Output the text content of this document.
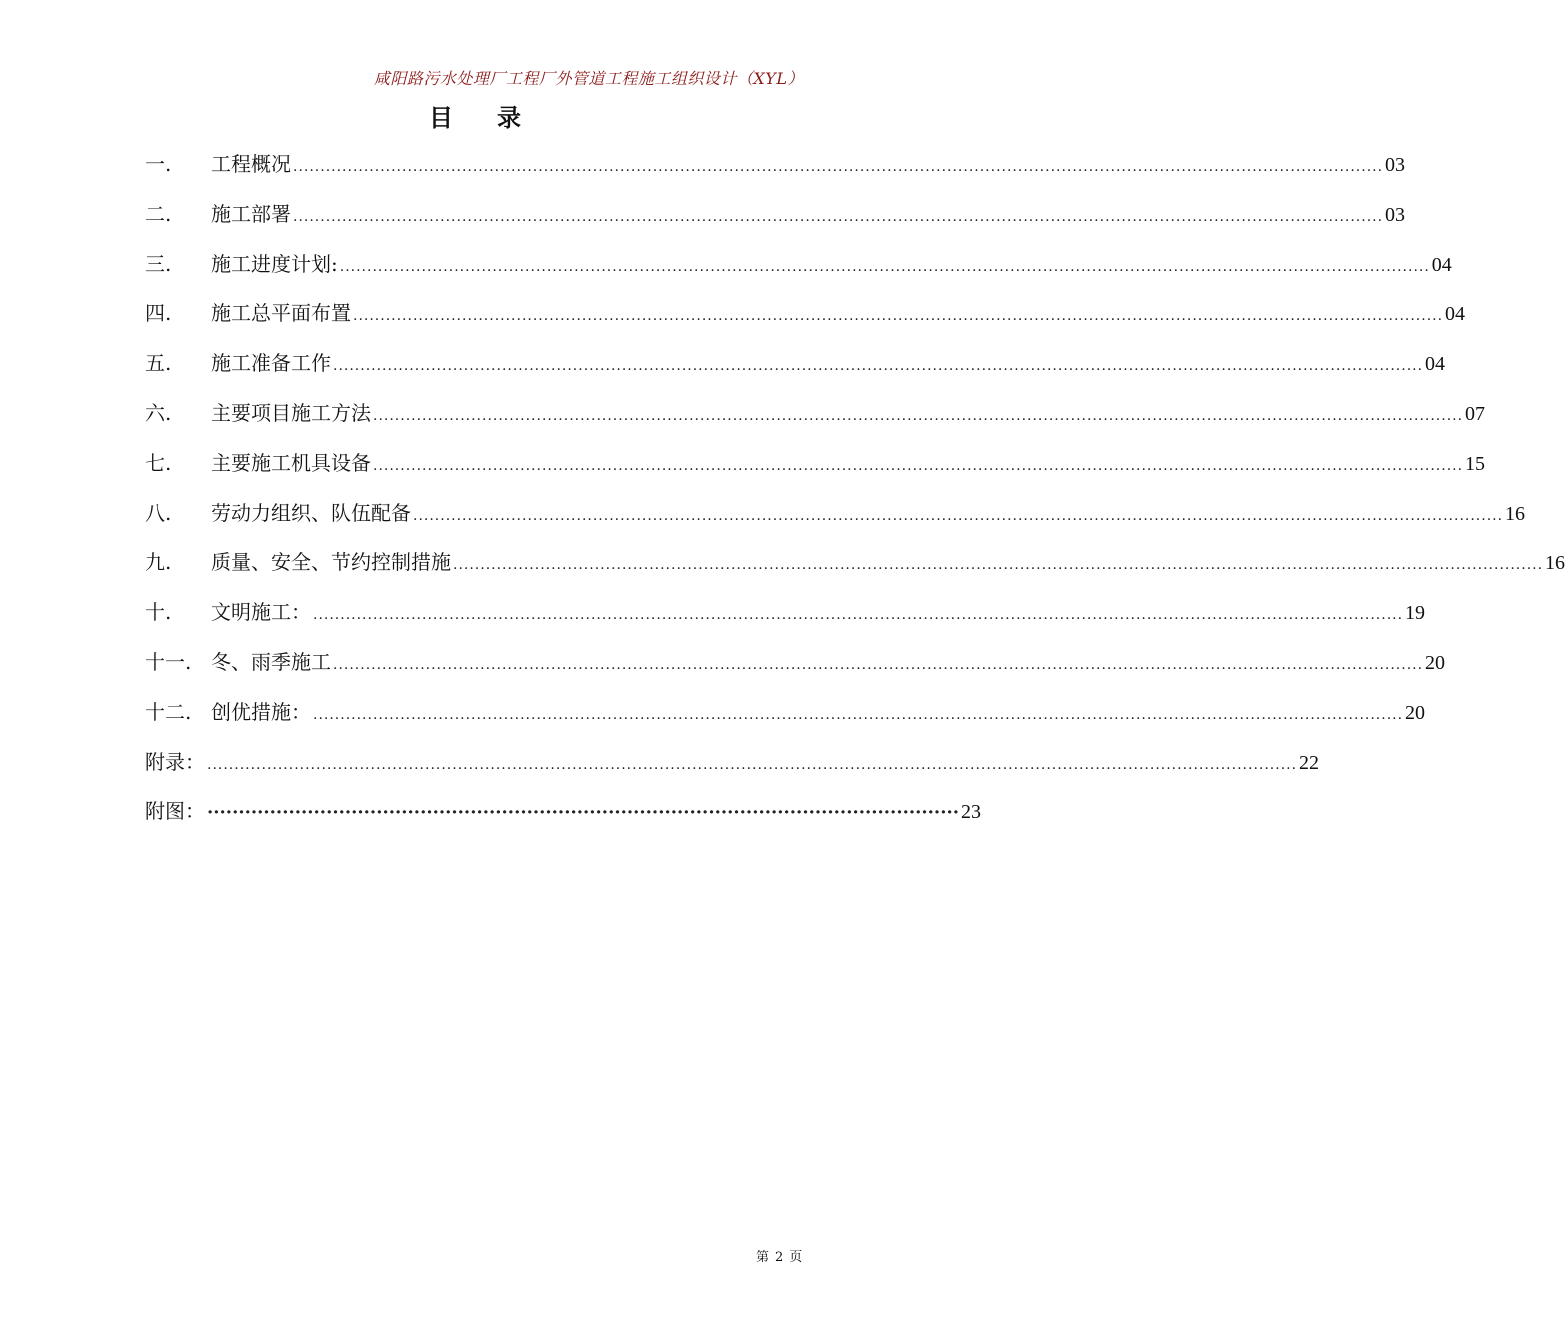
咸阳路污水处理厂工程厂外管道工程施工组织设计（XYL）
目 录
一.	工程概况 ........................................................................................................................................................................................................ 03
二.	施工部署 ........................................................................................................................................................................................................ 03
三.	施工进度计划: ........................................................................................................................................................................................................ 04
四.	施工总平面布置 ........................................................................................................................................................................................................ 04
五.	施工准备工作 ........................................................................................................................................................................................................ 04
六.	主要项目施工方法 ........................................................................................................................................................................................................ 07
七.	主要施工机具设备 ........................................................................................................................................................................................................ 15
八.	劳动力组织、队伍配备 ........................................................................................................................................................................................................ 16
九.	质量、安全、节约控制措施 ........................................................................................................................................................................................................ 16
十.	文明施工： ........................................................................................................................................................................................................ 19
十一. 冬、雨季施工 ........................................................................................................................................................................................................ 20
十二. 创优措施： ........................................................................................................................................................................................................ 20
附录： ........................................................................................................................................................................................................ 22
附图： ························································································································ 23
第 2 页
